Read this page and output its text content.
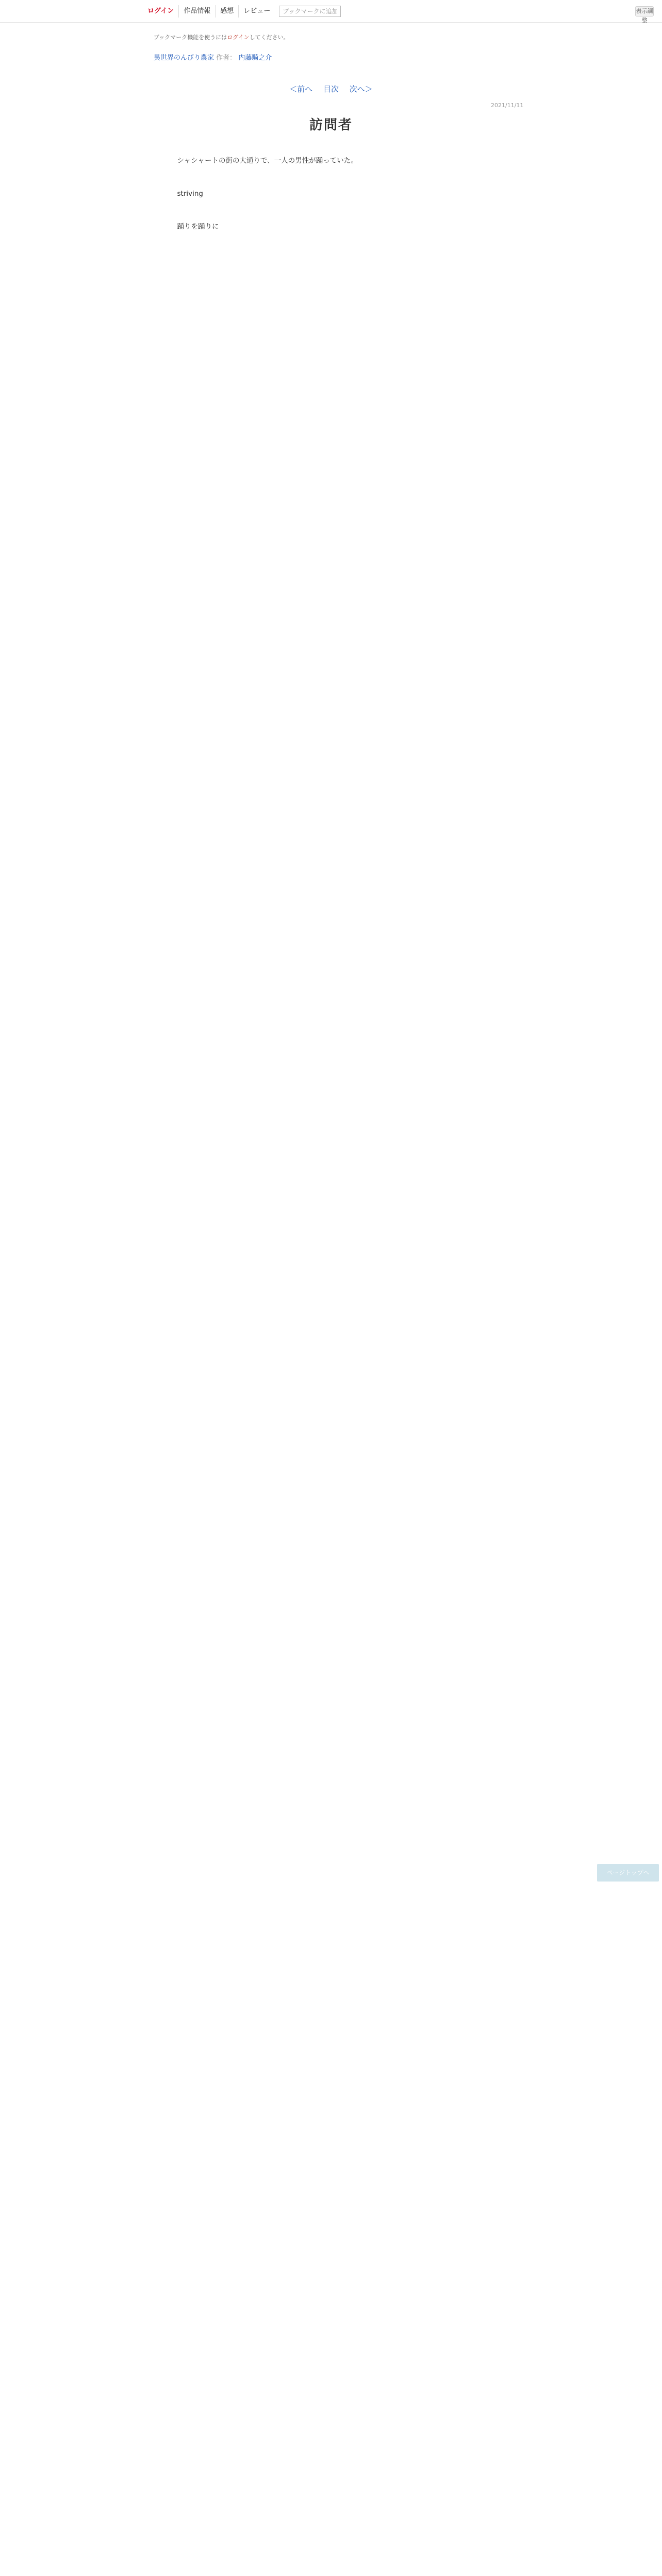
ログイン	作品情報	感想	レビュー
ブックマークに追加	表示調整
ブックマーク機能を使うにはログインしてください。
異世界のんびり農家 作者： 内藤騎之介
＜前へ 目次 次へ＞
2021/11/11
訪問者

　シャシャートの街の大通りで、一人の男性が踊っていた。

　striving

　踊りを踊りに

ページトップへ
